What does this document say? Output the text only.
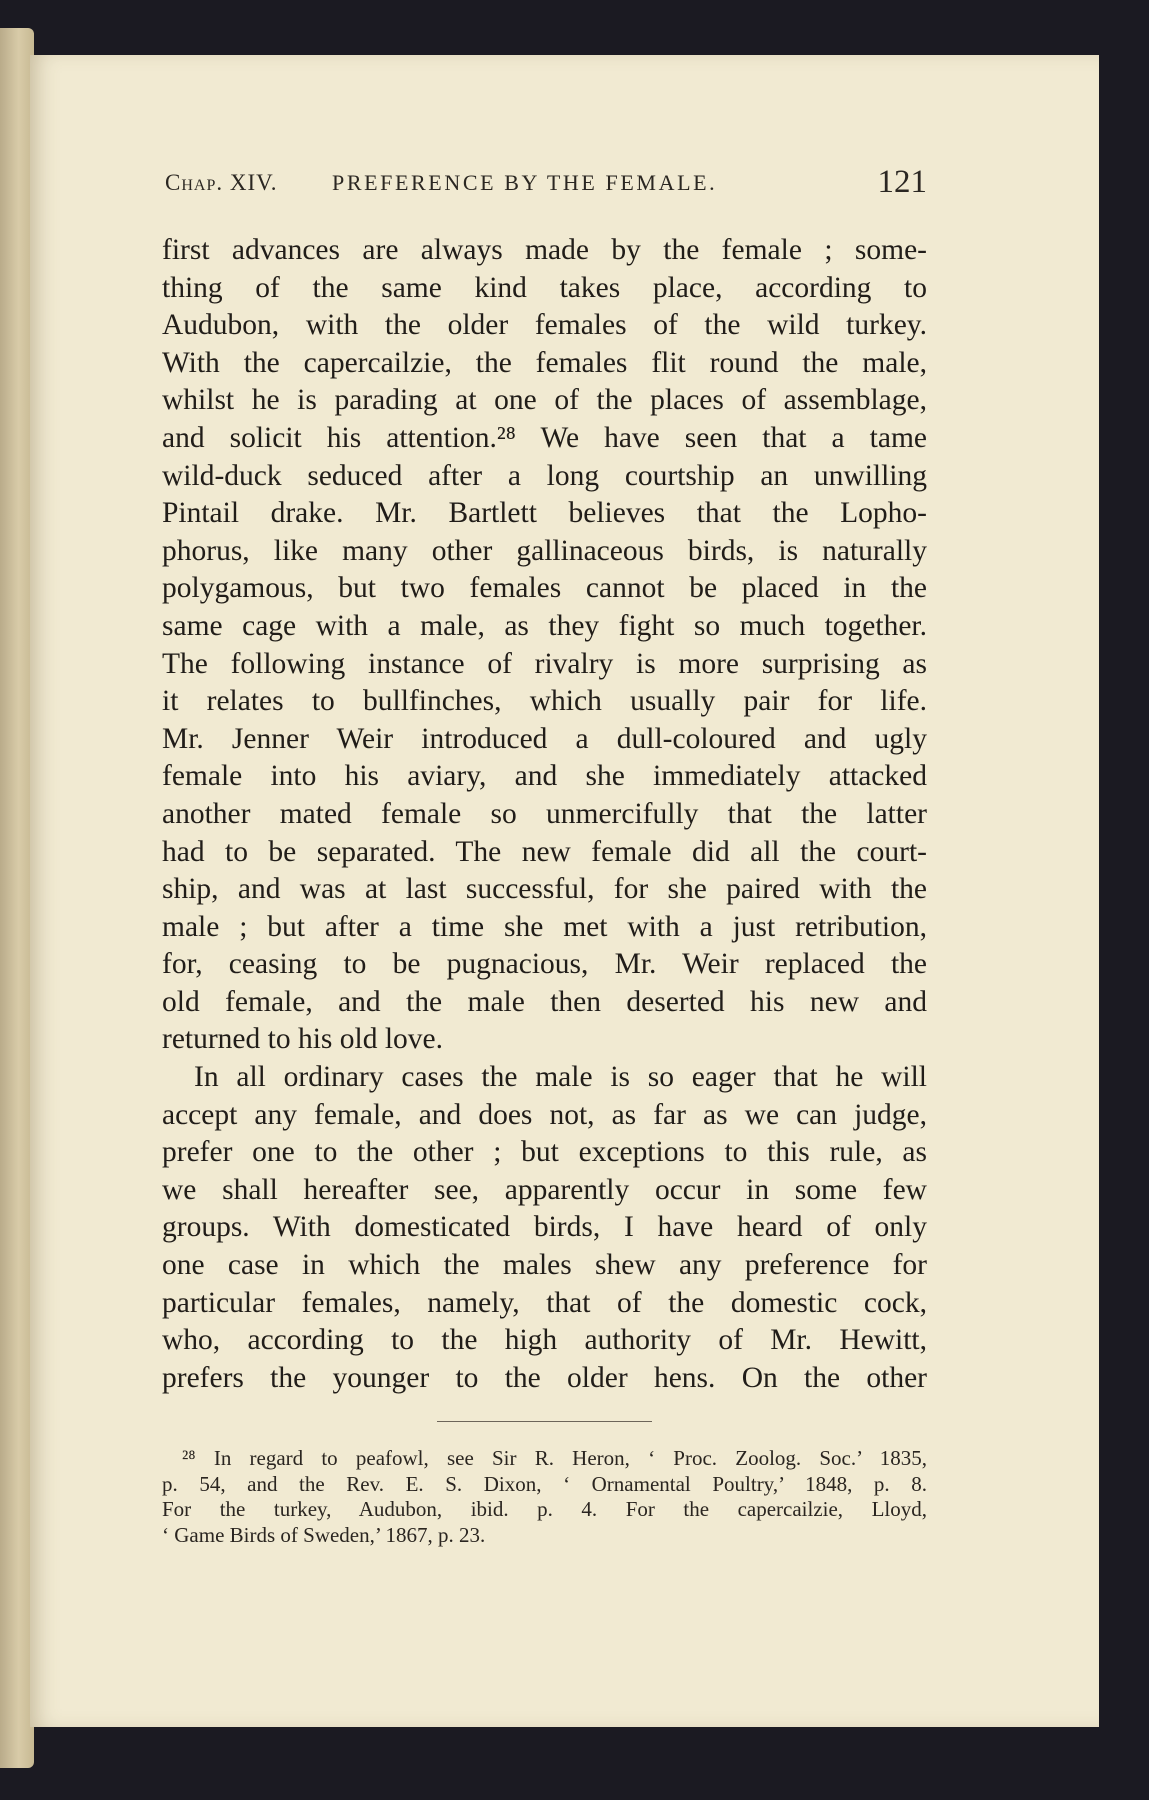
Chap. XIV. PREFERENCE BY THE FEMALE.	121
first advances are always made by the female ; some-
thing of the same kind takes place, according to
Audubon, with the older females of the wild turkey.
With the capercailzie, the females flit round the male,
whilst he is parading at one of the places of assemblage,
and solicit his attention.²⁸ We have seen that a tame
wild-duck seduced after a long courtship an unwilling
Pintail drake. Mr. Bartlett believes that the Lopho-
phorus, like many other gallinaceous birds, is naturally
polygamous, but two females cannot be placed in the
same cage with a male, as they fight so much together.
The following instance of rivalry is more surprising as
it relates to bullfinches, which usually pair for life.
Mr. Jenner Weir introduced a dull-coloured and ugly
female into his aviary, and she immediately attacked
another mated female so unmercifully that the latter
had to be separated. The new female did all the court-
ship, and was at last successful, for she paired with the
male ; but after a time she met with a just retribution,
for, ceasing to be pugnacious, Mr. Weir replaced the
old female, and the male then deserted his new and
returned to his old love.
In all ordinary cases the male is so eager that he will
accept any female, and does not, as far as we can judge,
prefer one to the other ; but exceptions to this rule, as
we shall hereafter see, apparently occur in some few
groups. With domesticated birds, I have heard of only
one case in which the males shew any preference for
particular females, namely, that of the domestic cock,
who, according to the high authority of Mr. Hewitt,
prefers the younger to the older hens. On the other
²⁸ In regard to peafowl, see Sir R. Heron, ‘ Proc. Zoolog. Soc.’ 1835,
p. 54, and the Rev. E. S. Dixon, ‘ Ornamental Poultry,’ 1848, p. 8.
For the turkey, Audubon, ibid. p. 4. For the capercailzie, Lloyd,
‘ Game Birds of Sweden,’ 1867, p. 23.
